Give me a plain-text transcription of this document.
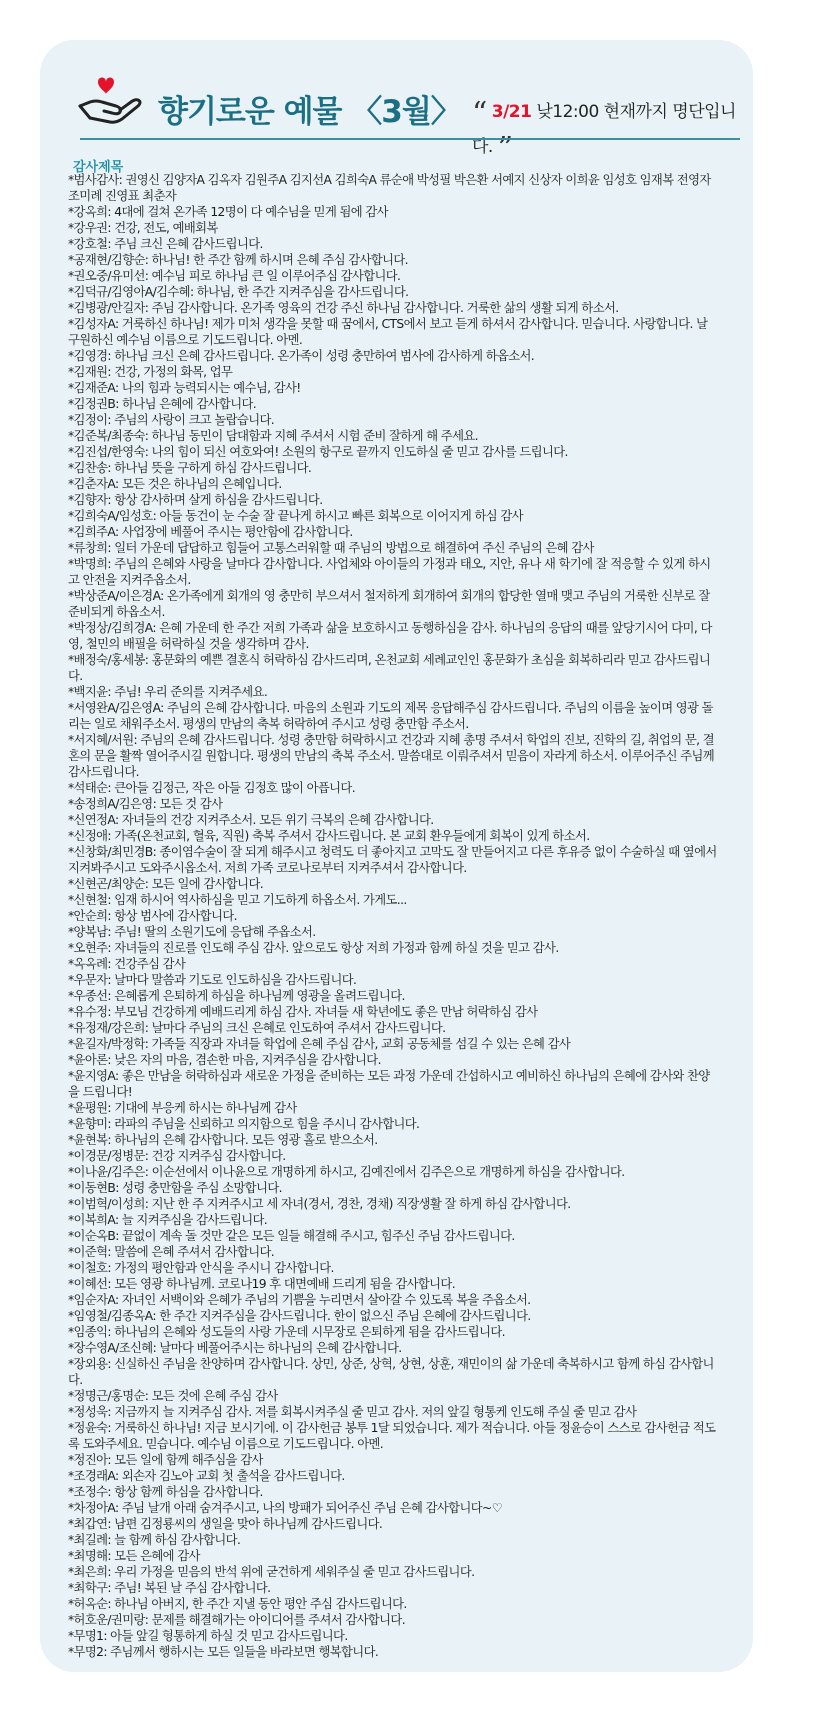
향기로운 예물 〈3월〉 “ 3/21 낮12:00 현재까지 명단입니다. ”
감사제목
*범사감사: 권영신 김양자A 김옥자 김원주A 김지선A 김희숙A 류순애 박성필 박은환 서예지 신상자 이희윤 임성호 임재복 전영자 조미례 진영표 최춘자
*강옥희: 4대에 걸쳐 온가족 12명이 다 예수님을 믿게 됨에 감사
*강우권: 건강, 전도, 예배회복
*강호철: 주님 크신 은혜 감사드립니다.
*공재현/김향순: 하나님! 한 주간 함께 하시며 은혜 주심 감사합니다.
*권오중/유미선: 예수님 피로 하나님 큰 일 이루어주심 감사합니다.
*김덕규/김영아A/김수혜: 하나님, 한 주간 지켜주심을 감사드립니다.
*김병광/안길자: 주님 감사합니다. 온가족 영육의 건강 주신 하나님 감사합니다. 거룩한 삶의 생활 되게 하소서.
*김성자A: 거룩하신 하나님! 제가 미처 생각을 못할 때 꿈에서, CTS에서 보고 듣게 하셔서 감사합니다. 믿습니다. 사랑합니다. 날 구원하신 예수님 이름으로 기도드립니다. 아멘.
*김영경: 하나님 크신 은혜 감사드립니다. 온가족이 성령 충만하여 범사에 감사하게 하옵소서.
*김재원: 건강, 가정의 화목, 업무
*김재준A: 나의 힘과 능력되시는 예수님, 감사!
*김정권B: 하나님 은혜에 감사합니다.
*김정이: 주님의 사랑이 크고 놀랍습니다.
*김준복/최종숙: 하나님 동민이 담대함과 지혜 주셔서 시험 준비 잘하게 해 주세요.
*김진섭/한영숙: 나의 힘이 되신 여호와여! 소원의 항구로 끝까지 인도하실 줄 믿고 감사를 드립니다.
*김찬송: 하나님 뜻을 구하게 하심 감사드립니다.
*김춘자A: 모든 것은 하나님의 은혜입니다.
*김향자: 항상 감사하며 살게 하심을 감사드립니다.
*김희숙A/임성호: 아들 동건이 눈 수술 잘 끝나게 하시고 빠른 회복으로 이어지게 하심 감사
*김희주A: 사업장에 베풀어 주시는 평안함에 감사합니다.
*류창희: 일터 가운데 답답하고 힘들어 고통스러워할 때 주님의 방법으로 해결하여 주신 주님의 은혜 감사
*박명희: 주님의 은혜와 사랑을 날마다 감사합니다. 사업체와 아이들의 가정과 태오, 지안, 유나 새 학기에 잘 적응할 수 있게 하시고 안전을 지켜주옵소서.
*박상준A/이은경A: 온가족에게 회개의 영 충만히 부으셔서 철저하게 회개하여 회개의 합당한 열매 맺고 주님의 거룩한 신부로 잘 준비되게 하옵소서.
*박정상/김희경A: 은혜 가운데 한 주간 저희 가족과 삶을 보호하시고 동행하심을 감사. 하나님의 응답의 때를 앞당기시어 다미, 다영, 철민의 배필을 허락하실 것을 생각하며 감사.
*배정숙/홍세봉: 홍문화의 예쁜 결혼식 허락하심 감사드리며, 온천교회 세례교인인 홍문화가 초심을 회복하리라 믿고 감사드립니다.
*백지윤: 주님! 우리 준의를 지켜주세요.
*서영완A/김은영A: 주님의 은혜 감사합니다. 마음의 소원과 기도의 제목 응답해주심 감사드립니다. 주님의 이름을 높이며 영광 돌리는 일로 채워주소서. 평생의 만남의 축복 허락하여 주시고 성령 충만함 주소서.
*서지혜/서원: 주님의 은혜 감사드립니다. 성령 충만함 허락하시고 건강과 지혜 총명 주셔서 학업의 진보, 진학의 길, 취업의 문, 결혼의 문을 활짝 열어주시길 원합니다. 평생의 만남의 축복 주소서. 말씀대로 이뤄주셔서 믿음이 자라게 하소서. 이루어주신 주님께 감사드립니다.
*석태순: 큰아들 김정근, 작은 아들 김정호 많이 아픕니다.
*송정희A/김은영: 모든 것 감사
*신연정A: 자녀들의 건강 지켜주소서. 모든 위기 극복의 은혜 감사합니다.
*신정애: 가족(온천교회, 혈육, 직원) 축복 주셔서 감사드립니다. 본 교회 환우들에게 회복이 있게 하소서.
*신창화/최민경B: 종이염수술이 잘 되게 해주시고 청력도 더 좋아지고 고막도 잘 만들어지고 다른 후유증 없이 수술하실 때 옆에서 지켜봐주시고 도와주시옵소서. 저희 가족 코로나로부터 지켜주셔서 감사합니다.
*신현곤/최양순: 모든 일에 감사합니다.
*신현철: 임재 하시어 역사하심을 믿고 기도하게 하옵소서. 가게도...
*안순희: 항상 범사에 감사합니다.
*양복남: 주님! 딸의 소원기도에 응답해 주옵소서.
*오현주: 자녀들의 진로를 인도해 주심 감사. 앞으로도 항상 저희 가정과 함께 하실 것을 믿고 감사.
*옥옥례: 건강주심 감사
*우문자: 날마다 말씀과 기도로 인도하심을 감사드립니다.
*우종선: 은혜롭게 은퇴하게 하심을 하나님께 영광을 올려드립니다.
*유수정: 부모님 건강하게 예배드리게 하심 감사. 자녀들 새 학년에도 좋은 만남 허락하심 감사
*유정재/강은희: 날마다 주님의 크신 은혜로 인도하여 주셔서 감사드립니다.
*윤길자/박정학: 가족들 직장과 자녀들 학업에 은혜 주심 감사, 교회 공동체를 섬길 수 있는 은혜 감사
*윤아론: 낮은 자의 마음, 겸손한 마음, 지켜주심을 감사합니다.
*윤지영A: 좋은 만남을 허락하심과 새로운 가정을 준비하는 모든 과정 가운데 간섭하시고 예비하신 하나님의 은혜에 감사와 찬양을 드립니다!
*윤평원: 기대에 부응케 하시는 하나님께 감사
*윤향미: 라파의 주님을 신뢰하고 의지함으로 힘을 주시니 감사합니다.
*윤현복: 하나님의 은혜 감사합니다. 모든 영광 홀로 받으소서.
*이경문/정병문: 건강 지켜주심 감사합니다.
*이나윤/김주은: 이순선에서 이나윤으로 개명하게 하시고, 김예진에서 김주은으로 개명하게 하심을 감사합니다.
*이동현B: 성령 충만함을 주심 소망합니다.
*이범혁/이성희: 지난 한 주 지켜주시고 세 자녀(경서, 경찬, 경채) 직장생활 잘 하게 하심 감사합니다.
*이복희A: 늘 지켜주심을 감사드립니다.
*이순옥B: 끝없이 계속 돌 것만 같은 모든 일들 해결해 주시고, 힘주신 주님 감사드립니다.
*이준혁: 말씀에 은혜 주셔서 감사합니다.
*이철호: 가정의 평안함과 안식을 주시니 감사합니다.
*이혜선: 모든 영광 하나님께. 코로나19 후 대면예배 드리게 됨을 감사합니다.
*임순자A: 자녀인 서백이와 은혜가 주님의 기쁨을 누리면서 살아갈 수 있도록 복을 주옵소서.
*임영철/김종옥A: 한 주간 지켜주심을 감사드립니다. 한이 없으신 주님 은혜에 감사드립니다.
*임종익: 하나님의 은혜와 성도들의 사랑 가운데 시무장로 은퇴하게 됨을 감사드립니다.
*장수영A/조신혜: 날마다 베풀어주시는 하나님의 은혜 감사합니다.
*장외용: 신실하신 주님을 찬양하며 감사합니다. 상민, 상준, 상혁, 상현, 상훈, 재민이의 삶 가운데 축복하시고 함께 하심 감사합니다.
*정명근/홍명순: 모든 것에 은혜 주심 감사
*정성욱: 지금까지 늘 지켜주심 감사. 저를 회복시켜주실 줄 믿고 감사. 저의 앞길 형통케 인도해 주실 줄 믿고 감사
*정윤숙: 거룩하신 하나님! 지금 보시기에. 이 감사헌금 봉투 1달 되었습니다. 제가 적습니다. 아들 정윤승이 스스로 감사헌금 적도록 도와주세요. 믿습니다. 예수님 이름으로 기도드립니다. 아멘.
*정진아: 모든 일에 함께 해주심을 감사
*조경래A: 외손자 김노아 교회 첫 출석을 감사드립니다.
*조정수: 항상 함께 하심을 감사합니다.
*차정아A: 주님 날개 아래 숨겨주시고, 나의 방패가 되어주신 주님 은혜 감사합니다~♡
*최갑연: 남편 김정룡씨의 생일을 맞아 하나님께 감사드립니다.
*최길례: 늘 함께 하심 감사합니다.
*최명해: 모든 은혜에 감사
*최은희: 우리 가정을 믿음의 반석 위에 굳건하게 세워주실 줄 믿고 감사드립니다.
*최학구: 주님! 복된 날 주심 감사합니다.
*허옥순: 하나님 아버지, 한 주간 지낼 동안 평안 주심 감사드립니다.
*허호운/권미랑: 문제를 해결해가는 아이디어를 주셔서 감사합니다.
*무명1: 아들 앞길 형통하게 하실 것 믿고 감사드립니다.
*무명2: 주님께서 행하시는 모든 일들을 바라보면 행복합니다.
